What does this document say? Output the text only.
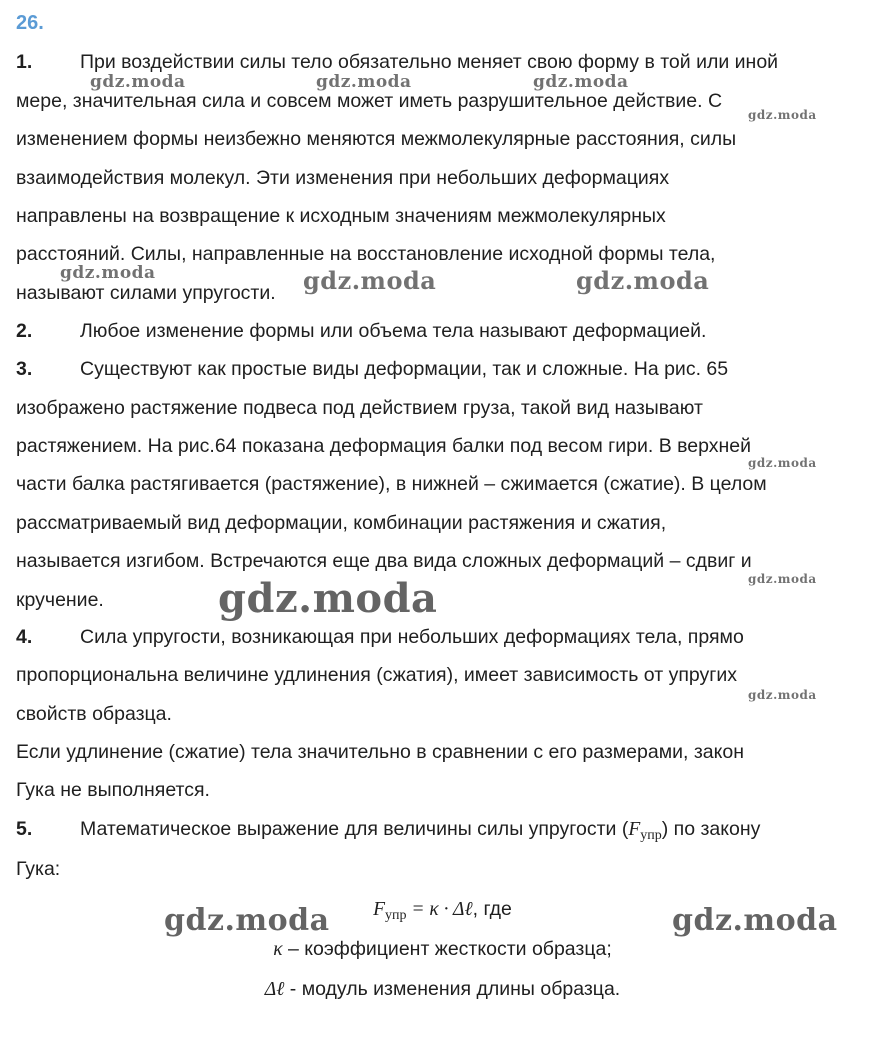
26.
1. При воздействии силы тело обязательно меняет свою форму в той или иной
мере, значительная сила и совсем может иметь разрушительное действие. С
изменением формы неизбежно меняются межмолекулярные расстояния, силы
взаимодействия молекул. Эти изменения при небольших деформациях
направлены на возвращение к исходным значениям межмолекулярных
расстояний. Силы, направленные на восстановление исходной формы тела,
называют силами упругости.
2. Любое изменение формы или объема тела называют деформацией.
3. Существуют как простые виды деформации, так и сложные. На рис. 65
изображено растяжение подвеса под действием груза, такой вид называют
растяжением. На рис.64 показана деформация балки под весом гири. В верхней
части балка растягивается (растяжение), в нижней – сжимается (сжатие). В целом
рассматриваемый вид деформации, комбинации растяжения и сжатия,
называется изгибом. Встречаются еще два вида сложных деформаций – сдвиг и
кручение.
4. Сила упругости, возникающая при небольших деформациях тела, прямо
пропорциональна величине удлинения (сжатия), имеет зависимость от упругих
свойств образца.
Если удлинение (сжатие) тела значительно в сравнении с его размерами, закон
Гука не выполняется.
5. Математическое выражение для величины силы упругости $(F_{упр})$ по закону
Гука:
$F_{упр} = \kappa$ · Δℓ, где
κ – коэффициент жесткости образца;
Δℓ - модуль изменения длины образца.
gdz.moda	gdz.moda	gdz.moda
gdz.moda
gdz.moda	gdz.moda	gdz.moda
gdz.moda
gdz.moda
gdz.moda
gdz.moda
gdz.moda	gdz.moda
